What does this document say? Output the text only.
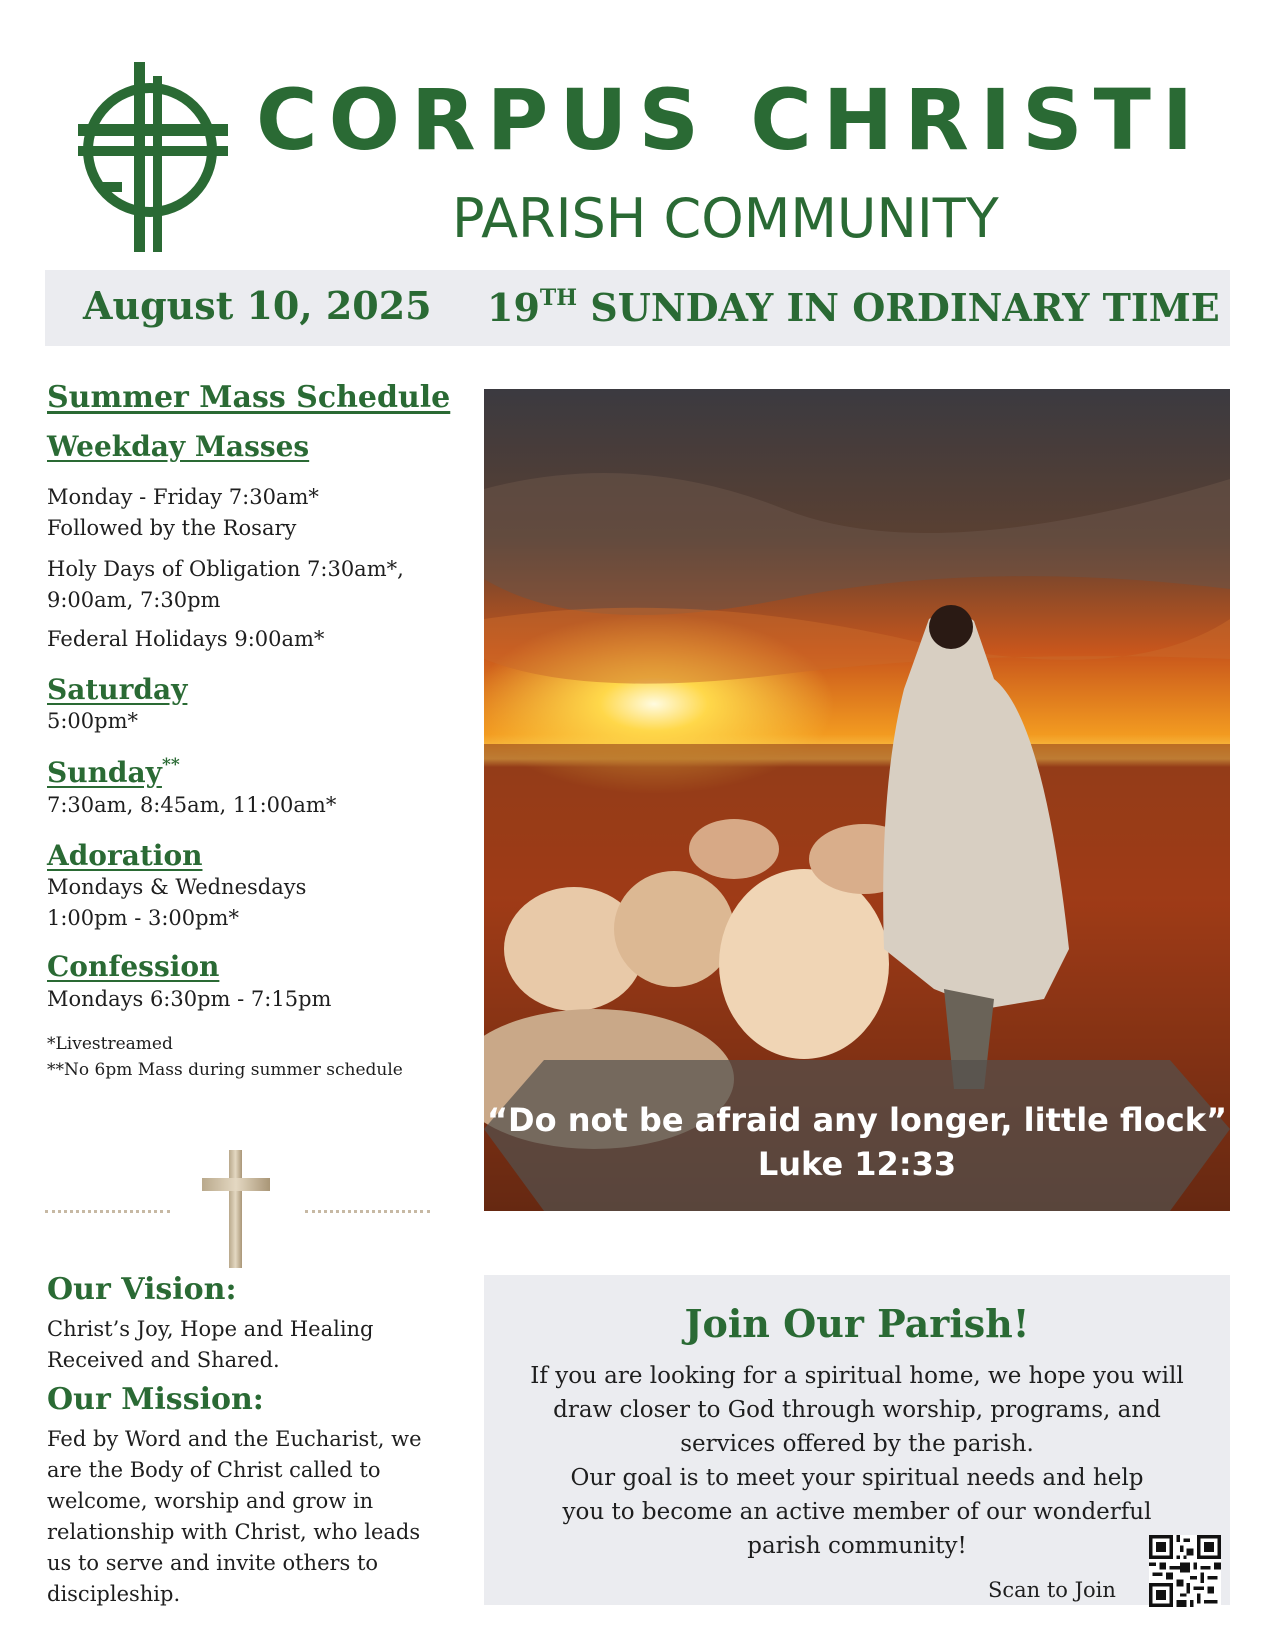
CORPUS CHRISTI
PARISH COMMUNITY
August 10, 2025 19TH SUNDAY IN ORDINARY TIME

Summer Mass Schedule

Weekday Masses

Monday - Friday 7:30am*

Followed by the Rosary

Holy Days of Obligation 7:30am*,

9:00am, 7:30pm

Federal Holidays 9:00am*

Saturday

5:00pm*

Sunday**

7:30am, 8:45am, 11:00am*

Adoration

Mondays & Wednesdays

1:00pm - 3:00pm*

Confession

Mondays 6:30pm - 7:15pm

*Livestreamed

**No 6pm Mass during summer schedule

Our Vision:

Christ’s Joy, Hope and Healing Received and Shared.

Our Mission:

Fed by Word and the Eucharist, we are the Body of Christ called to welcome, worship and grow in relationship with Christ, who leads us to serve and invite others to discipleship.

“Do not be afraid any longer, little flock”
Luke 12:33
Join Our Parish!
If you are looking for a spiritual home, we hope you will
draw closer to God through worship, programs, and
services offered by the parish.
Our goal is to meet your spiritual needs and help
you to become an active member of our wonderful
parish community!
Scan to Join
